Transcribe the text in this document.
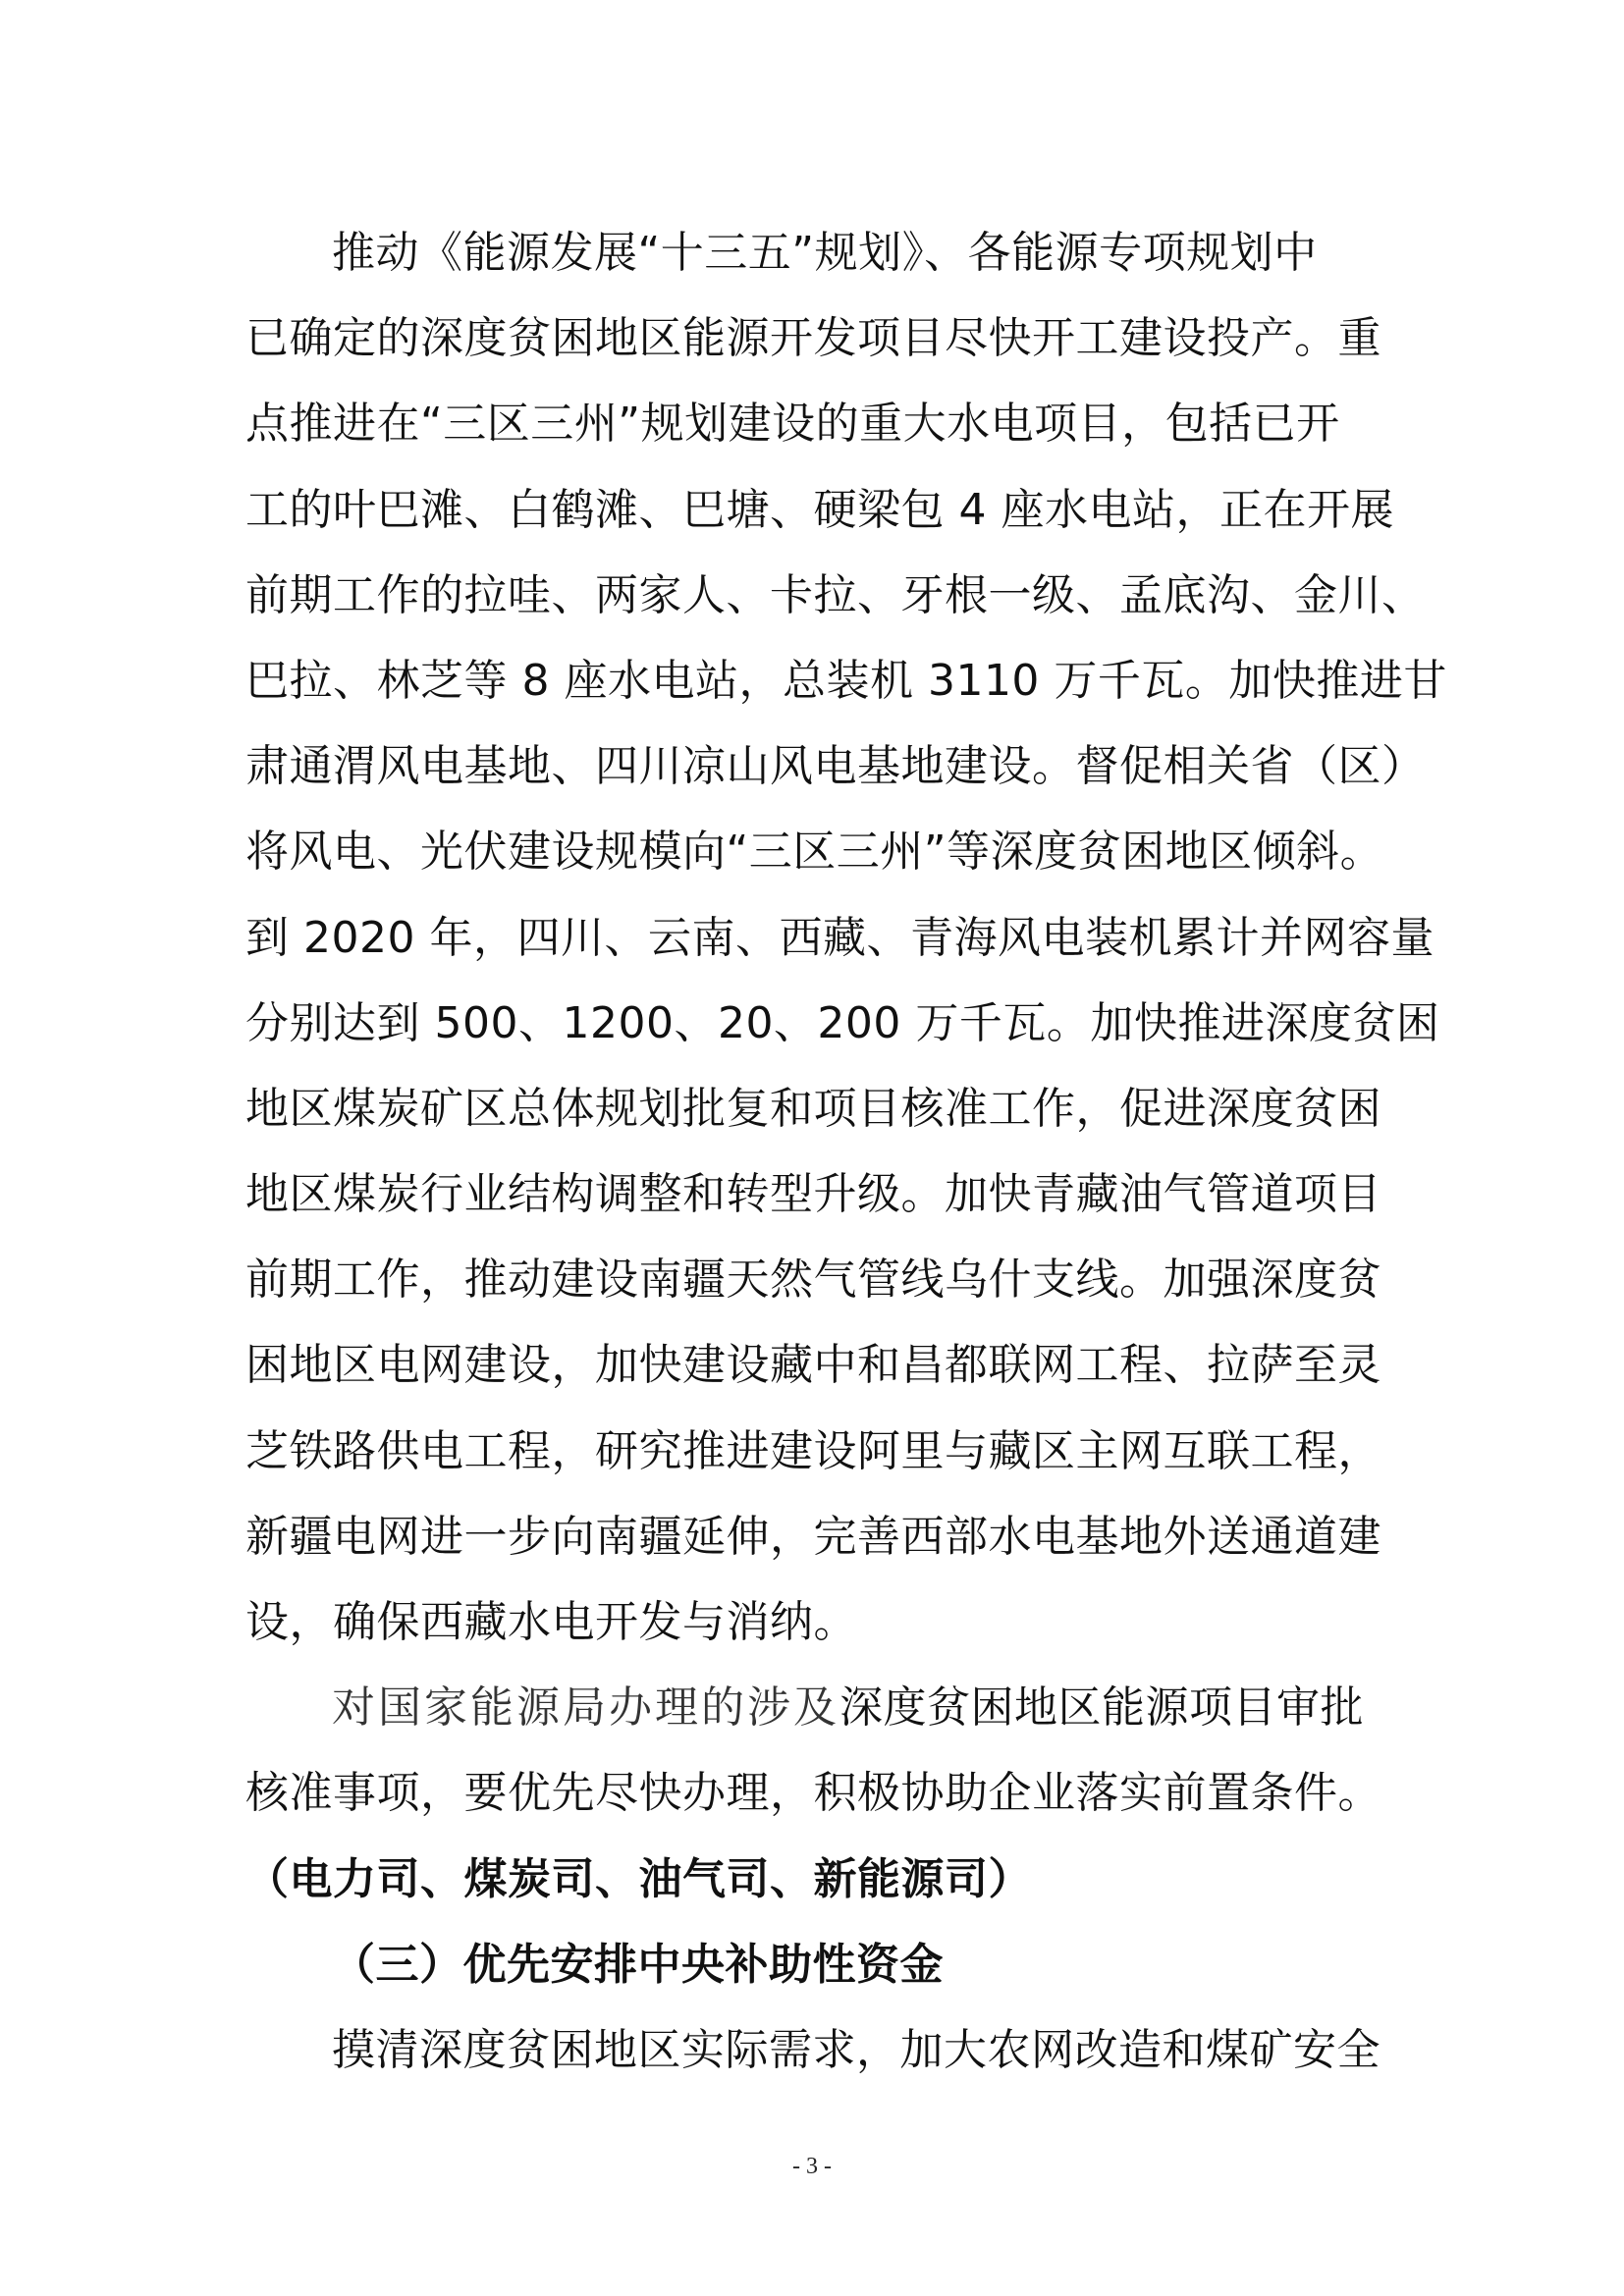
推动《能源发展“十三五”规划》、各能源专项规划中
已确定的深度贫困地区能源开发项目尽快开工建设投产。重
点推进在“三区三州”规划建设的重大水电项目，包括已开
工的叶巴滩、白鹤滩、巴塘、硬梁包 4 座水电站，正在开展
前期工作的拉哇、两家人、卡拉、牙根一级、孟底沟、金川、
巴拉、林芝等 8 座水电站，总装机 3110 万千瓦。加快推进甘
肃通渭风电基地、四川凉山风电基地建设。督促相关省（区）
将风电、光伏建设规模向“三区三州”等深度贫困地区倾斜。
到 2020 年，四川、云南、西藏、青海风电装机累计并网容量
分别达到 500、1200、20、200 万千瓦。加快推进深度贫困
地区煤炭矿区总体规划批复和项目核准工作，促进深度贫困
地区煤炭行业结构调整和转型升级。加快青藏油气管道项目
前期工作，推动建设南疆天然气管线乌什支线。加强深度贫
困地区电网建设，加快建设藏中和昌都联网工程、拉萨至灵
芝铁路供电工程，研究推进建设阿里与藏区主网互联工程，
新疆电网进一步向南疆延伸，完善西部水电基地外送通道建
设，确保西藏水电开发与消纳。
对国家能源局办理的涉及深度贫困地区能源项目审批
核准事项，要优先尽快办理，积极协助企业落实前置条件。
（电力司、煤炭司、油气司、新能源司）
（三）优先安排中央补助性资金
摸清深度贫困地区实际需求，加大农网改造和煤矿安全
- 3 -
